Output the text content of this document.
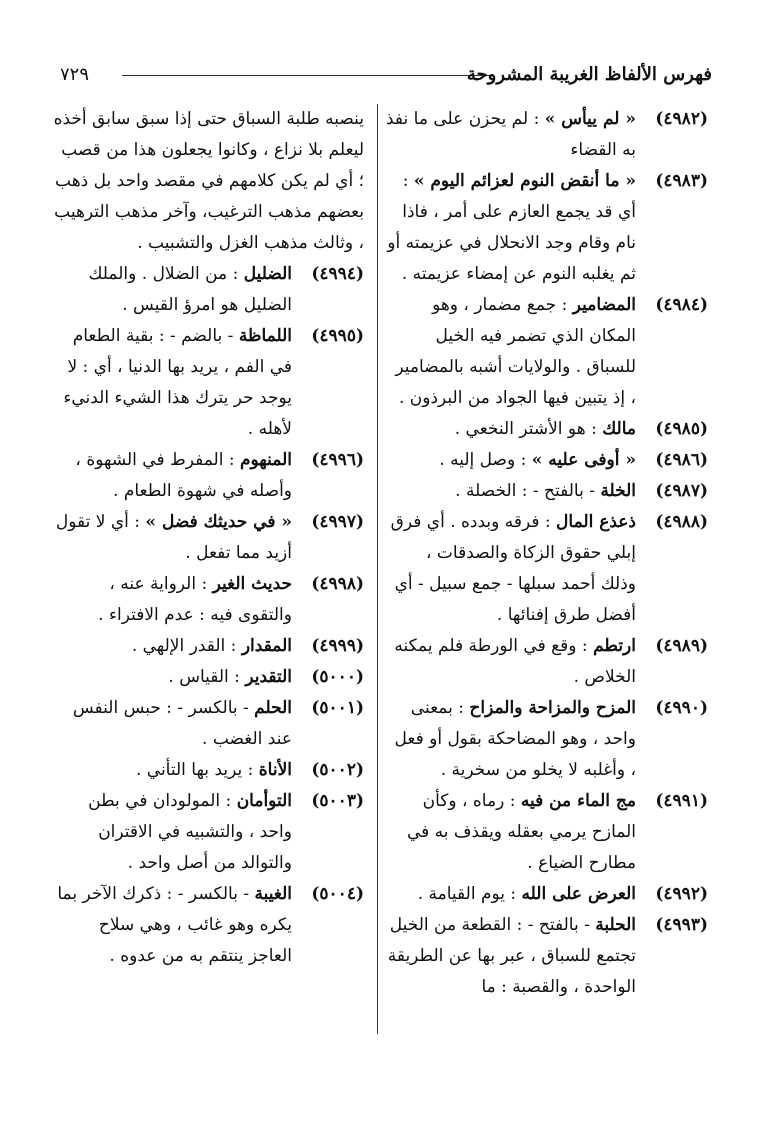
٧٢٩	فهرس الألفاظ الغريبة المشروحة
(٤٩٨٢)
« لم ييأس » : لم يحزن على ما نفذ به القضاء
(٤٩٨٣)
« ما أنقض النوم لعزائم اليوم » : أي قد يجمع العازم على أمر ، فاذا نام وقام وجد الانحلال في عزيمته أو ثم يغلبه النوم عن إمضاء عزيمته .
(٤٩٨٤)
المضامير : جمع مضمار ، وهو المكان الذي تضمر فيه الخيل للسباق . والولايات أشبه بالمضامير ، إذ يتبين فيها الجواد من البرذون .
(٤٩٨٥)
مالك : هو الأشتر النخعي .
(٤٩٨٦)
« أوفى عليه » : وصل إليه .
(٤٩٨٧)
الخلة - بالفتح - : الخصلة .
(٤٩٨٨)
ذعذع المال : فرقه وبدده . أي فرق إبلي حقوق الزكاة والصدقات ، وذلك أحمد سبلها - جمع سبيل - أي أفضل طرق إفنائها .
(٤٩٨٩)
ارتطم : وقع في الورطة فلم يمكنه الخلاص .
(٤٩٩٠)
المزح والمزاحة والمزاح : بمعنى واحد ، وهو المضاحكة بقول أو فعل ، وأغلبه لا يخلو من سخرية .
(٤٩٩١)
مج الماء من فيه : رماه ، وكأن المازح يرمي بعقله ويقذف به في مطارح الضياع .
(٤٩٩٢)
العرض على الله : يوم القيامة .
(٤٩٩٣)
الحلبة - بالفتح - : القطعة من الخيل تجتمع للسباق ، عبر بها عن الطريقة الواحدة ، والقصبة : ما

ينصبه طلبة السباق حتى إذا سبق سابق أخذه ليعلم بلا نزاع ، وكانوا يجعلون هذا من قصب ؛ أي لم يكن كلامهم في مقصد واحد بل ذهب بعضهم مذهب الترغيب، وآخر مذهب الترهيب ، وثالث مذهب الغزل والتشبيب .

(٤٩٩٤)
الضليل : من الضلال . والملك الضليل هو امرؤ القيس .
(٤٩٩٥)
اللماظة - بالضم - : بقية الطعام في الفم ، يريد بها الدنيا ، أي : لا يوجد حر يترك هذا الشيء الدنيء لأهله .
(٤٩٩٦)
المنهوم : المفرط في الشهوة ، وأصله في شهوة الطعام .
(٤٩٩٧)
« في حديثك فضل » : أي لا تقول أزيد مما تفعل .
(٤٩٩٨)
حديث الغير : الرواية عنه ، والتقوى فيه : عدم الافتراء .
(٤٩٩٩)
المقدار : القدر الإلهي .
(٥٠٠٠)
التقدير : القياس .
(٥٠٠١)
الحلم - بالكسر - : حبس النفس عند الغضب .
(٥٠٠٢)
الأناة : يريد بها التأني .
(٥٠٠٣)
التوأمان : المولودان في بطن واحد ، والتشبيه في الاقتران والتوالد من أصل واحد .
(٥٠٠٤)
الغيبة - بالكسر - : ذكرك الآخر بما يكره وهو غائب ، وهي سلاح العاجز ينتقم به من عدوه .
